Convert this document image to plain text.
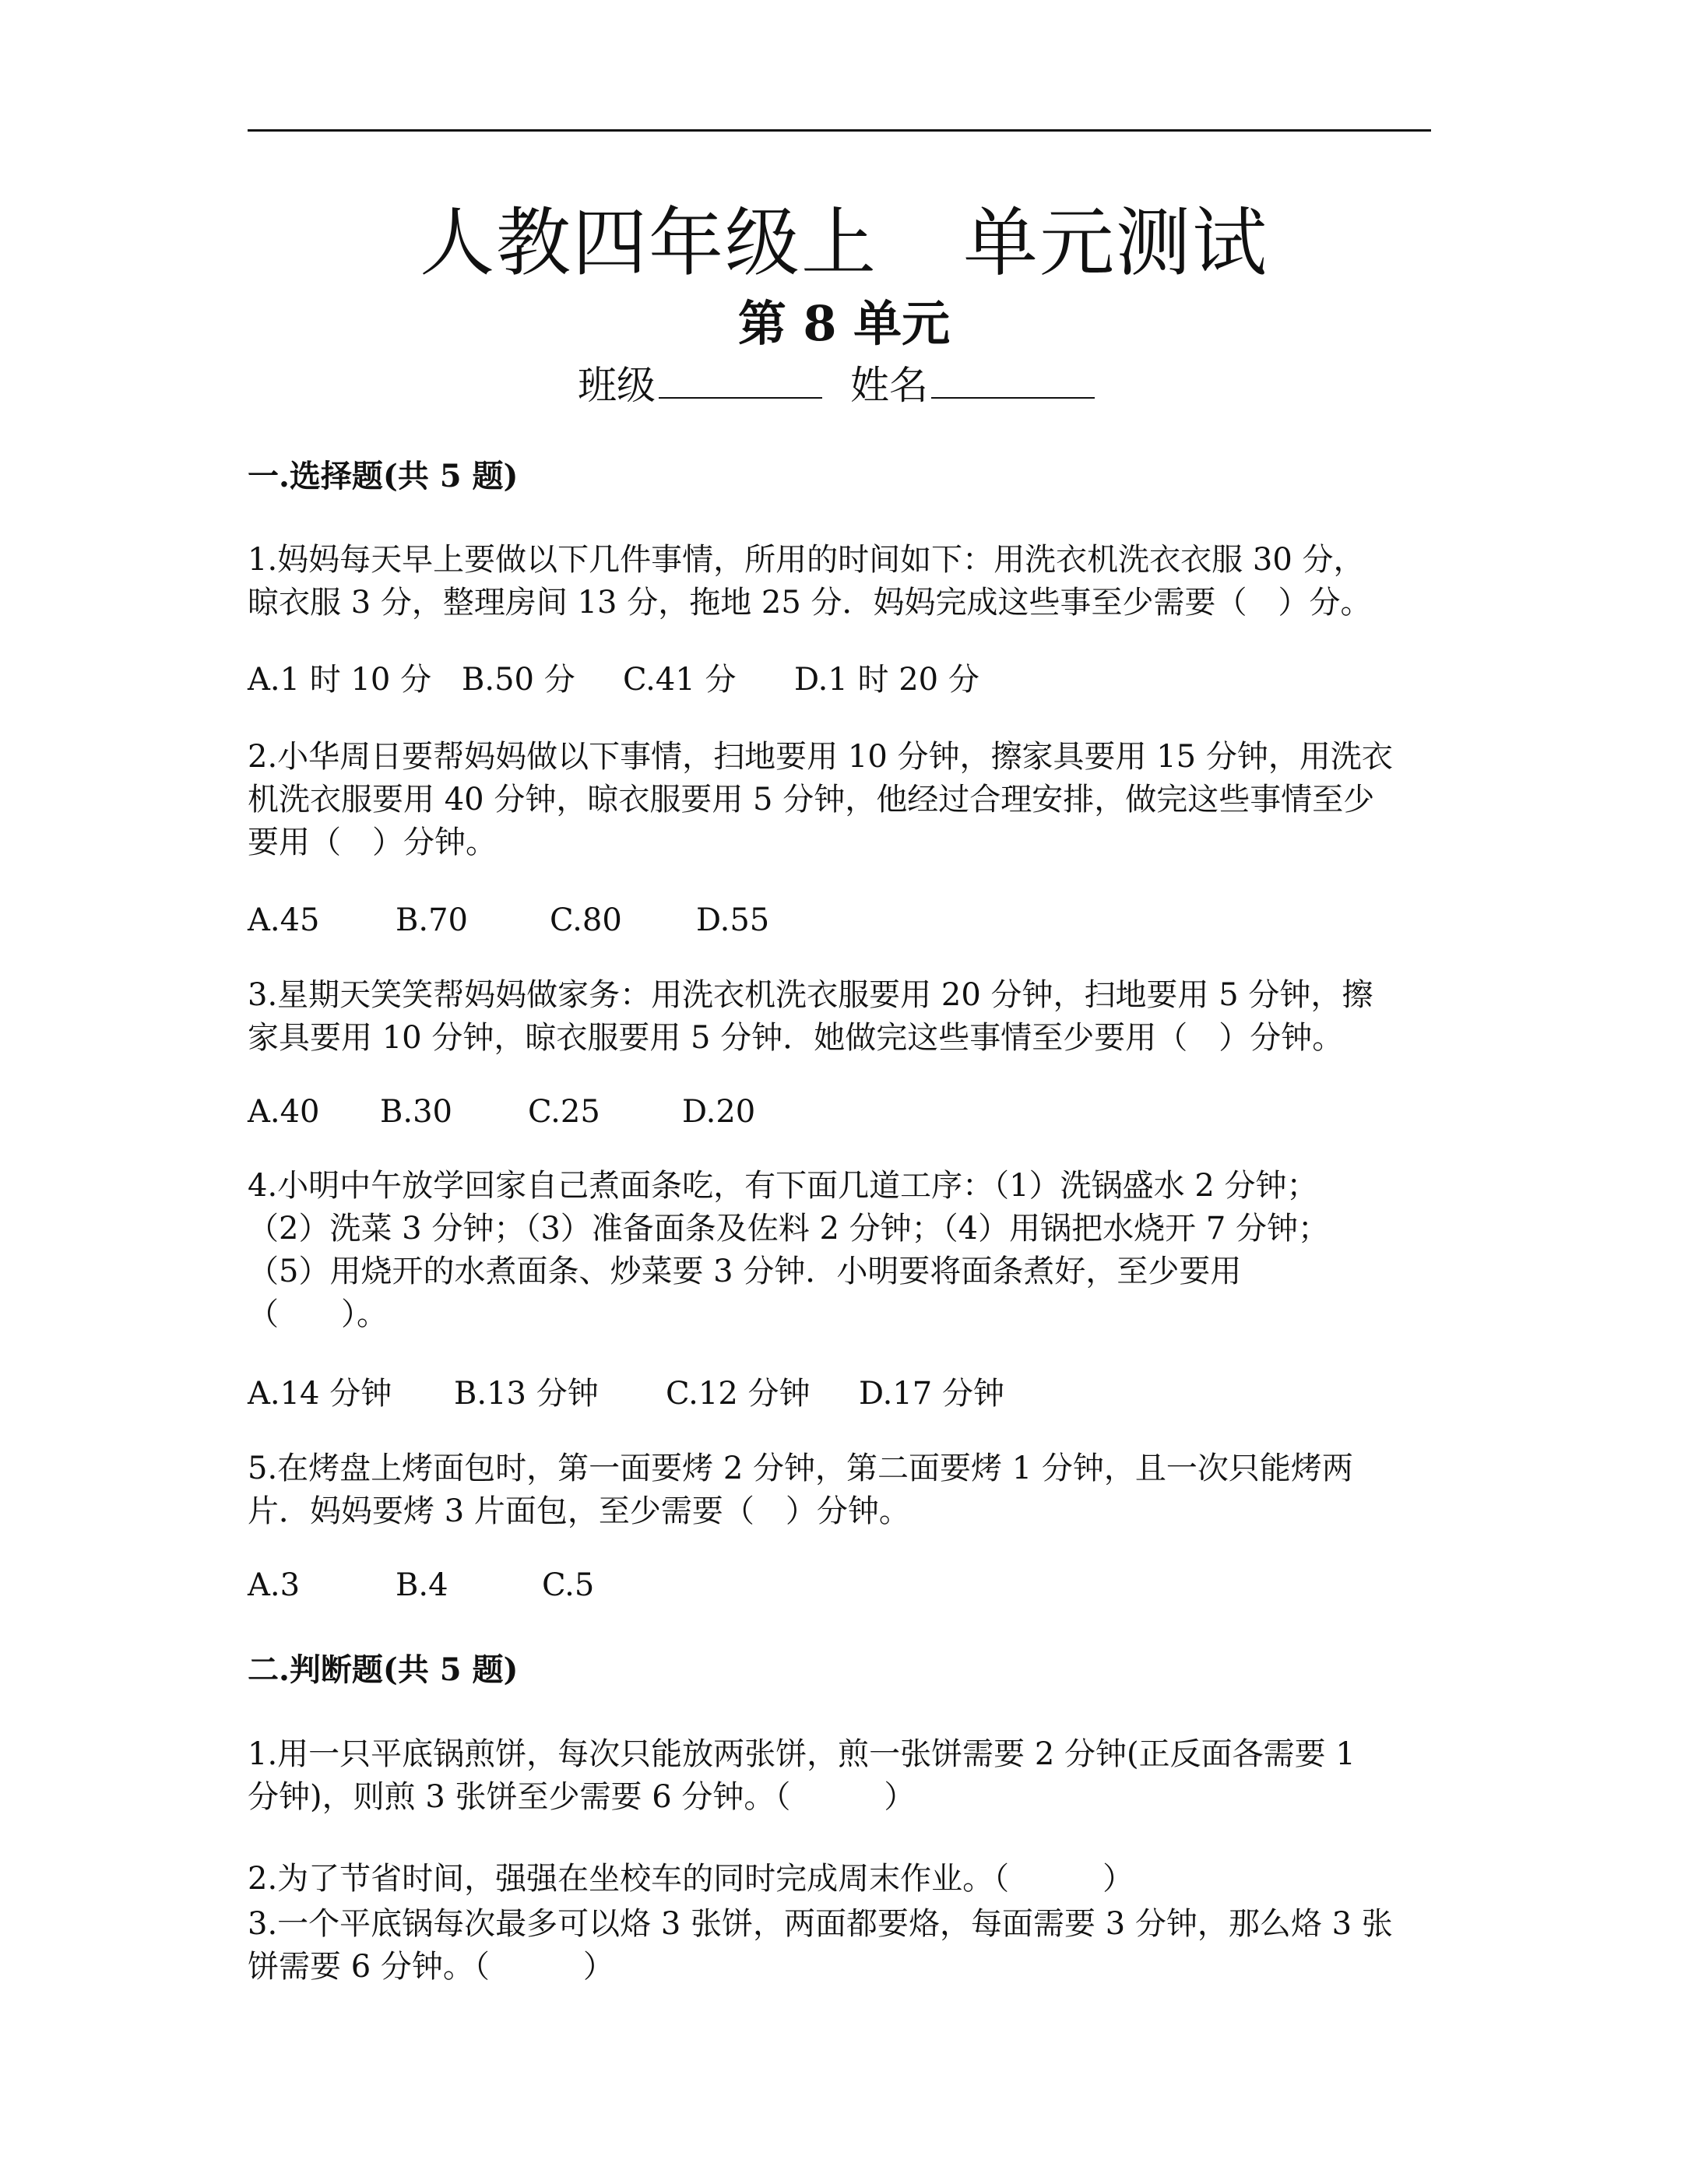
人教四年级上 单元测试
第 8 单元
班级	姓名
一.选择题(共 5 题)
1.妈妈每天早上要做以下几件事情，所用的时间如下：用洗衣机洗衣衣服 30 分，
晾衣服 3 分，整理房间 13 分，拖地 25 分．妈妈完成这些事至少需要（　）分。
A.1 时 10 分 B.50 分 C.41 分 D.1 时 20 分
2.小华周日要帮妈妈做以下事情，扫地要用 10 分钟，擦家具要用 15 分钟，用洗衣
机洗衣服要用 40 分钟，晾衣服要用 5 分钟，他经过合理安排，做完这些事情至少
要用（　）分钟。
A.45 B.70	C.80 D.55
3.星期天笑笑帮妈妈做家务：用洗衣机洗衣服要用 20 分钟，扫地要用 5 分钟，擦
家具要用 10 分钟，晾衣服要用 5 分钟．她做完这些事情至少要用（　）分钟。
A.40 B.30 C.25	D.20
4.小明中午放学回家自己煮面条吃，有下面几道工序：（1）洗锅盛水 2 分钟；
（2）洗菜 3 分钟；（3）准备面条及佐料 2 分钟；（4）用锅把水烧开 7 分钟；
（5）用烧开的水煮面条、炒菜要 3 分钟．小明要将面条煮好，至少要用
（　　）。
A.14 分钟 B.13 分钟 C.12 分钟 D.17 分钟
5.在烤盘上烤面包时，第一面要烤 2 分钟，第二面要烤 1 分钟，且一次只能烤两
片．妈妈要烤 3 片面包，至少需要（　）分钟。
A.3	B.4	C.5
二.判断题(共 5 题)
1.用一只平底锅煎饼，每次只能放两张饼，煎一张饼需要 2 分钟(正反面各需要 1
分钟)，则煎 3 张饼至少需要 6 分钟。（　　　）
2.为了节省时间，强强在坐校车的同时完成周末作业。（　　　）
3.一个平底锅每次最多可以烙 3 张饼，两面都要烙，每面需要 3 分钟，那么烙 3 张
饼需要 6 分钟。（　　　）
